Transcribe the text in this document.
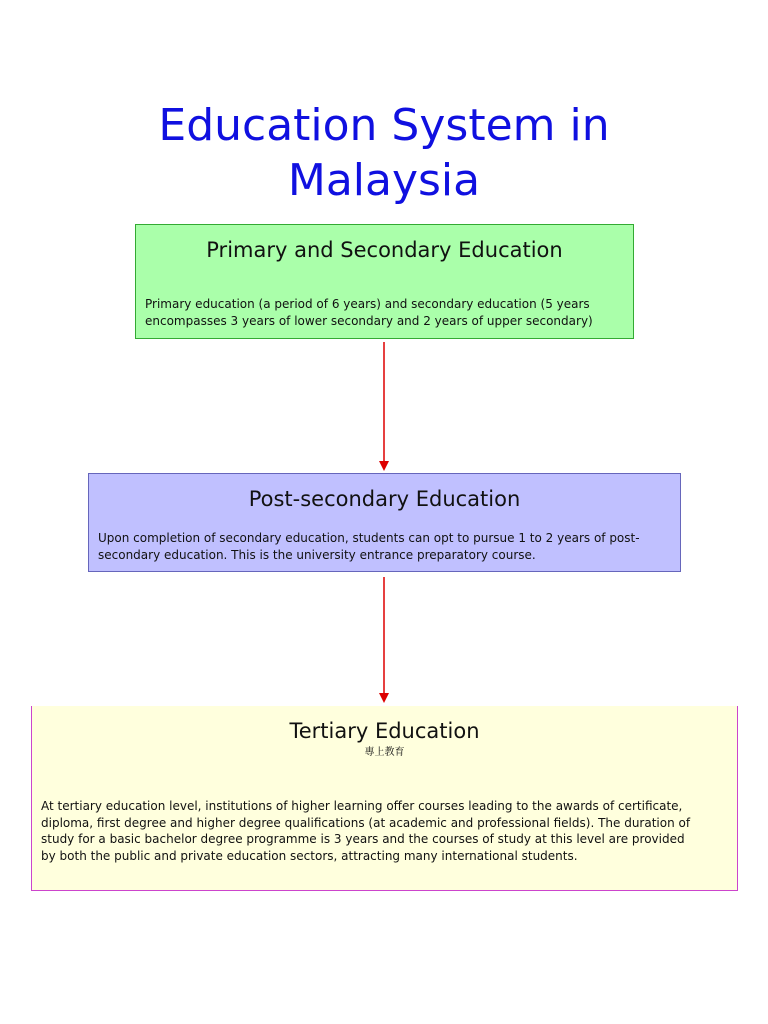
Education System in
Malaysia
Primary and Secondary Education

Primary education (a period of 6 years) and secondary education (5 years
encompasses 3 years of lower secondary and 2 years of upper secondary)

Post-secondary Education

Upon completion of secondary education, students can opt to pursue 1 to 2 years of post-
secondary education. This is the university entrance preparatory course.

Tertiary Education

專上教育

At tertiary education level, institutions of higher learning offer courses leading to the awards of certificate,
diploma, first degree and higher degree qualifications (at academic and professional fields). The duration of
study for a basic bachelor degree programme is 3 years and the courses of study at this level are provided
by both the public and private education sectors, attracting many international students.
